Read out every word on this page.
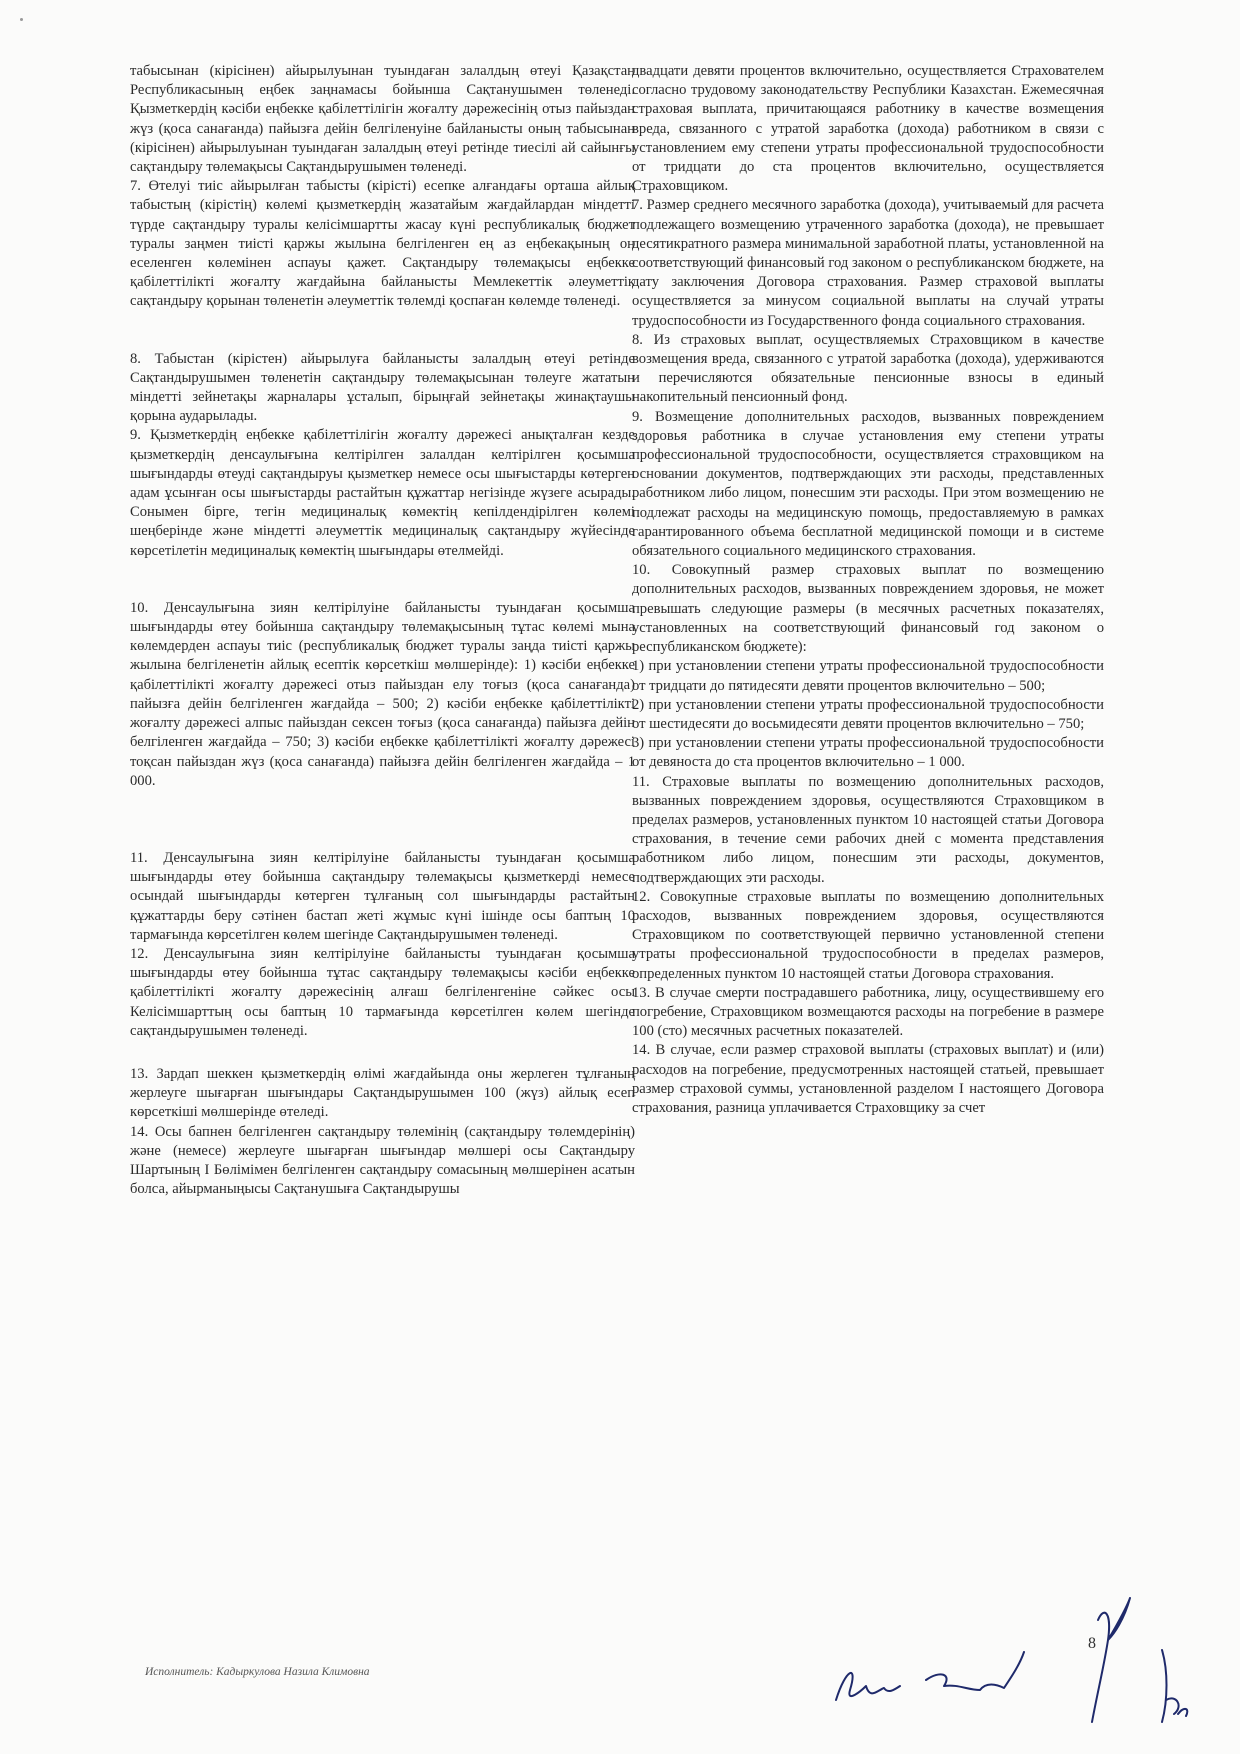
табысынан (кірісінен) айырылуынан туындаған залалдың өтеуі Қазақстан Республикасының еңбек заңнамасы бойынша Сақтанушымен төленеді. Қызметкердің кәсіби еңбекке қабілеттілігін жоғалту дәрежесінің отыз пайыздан жүз (қоса санағанда) пайызға дейін белгіленуіне байланысты оның табысынан (кірісінен) айырылуынан туындаған залалдың өтеуі ретінде тиесілі ай сайынғы сақтандыру төлемақысы Сақтандырушымен төленеді.

7. Өтелуі тиіс айырылған табысты (кірісті) есепке алғандағы орташа айлық табыстың (кірістің) көлемі қызметкердің жазатайым жағдайлардан міндетті түрде сақтандыру туралы келісімшартты жасау күні республикалық бюджет туралы заңмен тиісті қаржы жылына белгіленген ең аз еңбекақының он еселенген көлемінен аспауы қажет. Сақтандыру төлемақысы еңбекке қабілеттілікті жоғалту жағдайына байланысты Мемлекеттік әлеуметтік сақтандыру қорынан төленетін әлеуметтік төлемді қоспаған көлемде төленеді.

8. Табыстан (кірістен) айырылуға байланысты залалдың өтеуі ретінде Сақтандырушымен төленетін сақтандыру төлемақысынан төлеуге жататын міндетті зейнетақы жарналары ұсталып, бірыңғай зейнетақы жинақтаушы қорына аударылады.

9. Қызметкердің еңбекке қабілеттілігін жоғалту дәрежесі анықталған кезде қызметкердің денсаулығына келтірілген залалдан келтірілген қосымша шығындарды өтеуді сақтандыруы қызметкер немесе осы шығыстарды көтерген адам ұсынған осы шығыстарды растайтын құжаттар негізінде жүзеге асырады. Сонымен бірге, тегін медициналық көмектің кепілдендірілген көлемі шеңберінде және міндетті әлеуметтік медициналық сақтандыру жүйесінде көрсетілетін медициналық көмектің шығындары өтелмейді.

10. Денсаулығына зиян келтірілуіне байланысты туындаған қосымша шығындарды өтеу бойынша сақтандыру төлемақысының тұтас көлемі мына көлемдерден аспауы тиіс (республикалық бюджет туралы заңда тиісті қаржы жылына белгіленетін айлық есептік көрсеткіш мөлшерінде): 1) кәсіби еңбекке қабілеттілікті жоғалту дәрежесі отыз пайыздан елу тоғыз (қоса санағанда) пайызға дейін белгіленген жағдайда – 500; 2) кәсіби еңбекке қабілеттілікті жоғалту дәрежесі алпыс пайыздан сексен тоғыз (қоса санағанда) пайызға дейін белгіленген жағдайда – 750; 3) кәсіби еңбекке қабілеттілікті жоғалту дәрежесі тоқсан пайыздан жүз (қоса санағанда) пайызға дейін белгіленген жағдайда – 1 000.

11. Денсаулығына зиян келтірілуіне байланысты туындаған қосымша шығындарды өтеу бойынша сақтандыру төлемақысы қызметкерді немесе осындай шығындарды көтерген тұлғаның сол шығындарды растайтын құжаттарды беру сәтінен бастап жеті жұмыс күні ішінде осы баптың 10 тармағында көрсетілген көлем шегінде Сақтандырушымен төленеді.

12. Денсаулығына зиян келтірілуіне байланысты туындаған қосымша шығындарды өтеу бойынша тұтас сақтандыру төлемақысы кәсіби еңбекке қабілеттілікті жоғалту дәрежесінің алғаш белгіленгеніне сәйкес осы Келісімшарттың осы баптың 10 тармағында көрсетілген көлем шегінде сақтандырушымен төленеді.

13. Зардап шеккен қызметкердің өлімі жағдайында оны жерлеген тұлғаның жерлеуге шығарған шығындары Сақтандырушымен 100 (жүз) айлық есеп көрсеткіші мөлшерінде өтеледі.

14. Осы бапнен белгіленген сақтандыру төлемінің (сақтандыру төлемдерінің) және (немесе) жерлеуге шығарған шығындар мөлшері осы Сақтандыру Шартының I Бөлімімен белгіленген сақтандыру сомасының мөлшерінен асатын болса, айырманыңысы Сақтанушыға Сақтандырушы

двадцати девяти процентов включительно, осуществляется Страхователем согласно трудовому законодательству Республики Казахстан. Ежемесячная страховая выплата, причитающаяся работнику в качестве возмещения вреда, связанного с утратой заработка (дохода) работником в связи с установлением ему степени утраты профессиональной трудоспособности от тридцати до ста процентов включительно, осуществляется Страховщиком.

7. Размер среднего месячного заработка (дохода), учитываемый для расчета подлежащего возмещению утраченного заработка (дохода), не превышает десятикратного размера минимальной заработной платы, установленной на соответствующий финансовый год законом о республиканском бюджете, на дату заключения Договора страхования. Размер страховой выплаты осуществляется за минусом социальной выплаты на случай утраты трудоспособности из Государственного фонда социального страхования.

8. Из страховых выплат, осуществляемых Страховщиком в качестве возмещения вреда, связанного с утратой заработка (дохода), удерживаются и перечисляются обязательные пенсионные взносы в единый накопительный пенсионный фонд.

9. Возмещение дополнительных расходов, вызванных повреждением здоровья работника в случае установления ему степени утраты профессиональной трудоспособности, осуществляется страховщиком на основании документов, подтверждающих эти расходы, представленных работником либо лицом, понесшим эти расходы. При этом возмещению не подлежат расходы на медицинскую помощь, предоставляемую в рамках гарантированного объема бесплатной медицинской помощи и в системе обязательного социального медицинского страхования.

10. Совокупный размер страховых выплат по возмещению дополнительных расходов, вызванных повреждением здоровья, не может превышать следующие размеры (в месячных расчетных показателях, установленных на соответствующий финансовый год законом о республиканском бюджете):

1) при установлении степени утраты профессиональной трудоспособности от тридцати до пятидесяти девяти процентов включительно – 500;

2) при установлении степени утраты профессиональной трудоспособности от шестидесяти до восьмидесяти девяти процентов включительно – 750;

3) при установлении степени утраты профессиональной трудоспособности от девяноста до ста процентов включительно – 1 000.

11. Страховые выплаты по возмещению дополнительных расходов, вызванных повреждением здоровья, осуществляются Страховщиком в пределах размеров, установленных пунктом 10 настоящей статьи Договора страхования, в течение семи рабочих дней с момента представления работником либо лицом, понесшим эти расходы, документов, подтверждающих эти расходы.

12. Совокупные страховые выплаты по возмещению дополнительных расходов, вызванных повреждением здоровья, осуществляются Страховщиком по соответствующей первично установленной степени утраты профессиональной трудоспособности в пределах размеров, определенных пунктом 10 настоящей статьи Договора страхования.

13. В случае смерти пострадавшего работника, лицу, осуществившему его погребение, Страховщиком возмещаются расходы на погребение в размере 100 (сто) месячных расчетных показателей.

14. В случае, если размер страховой выплаты (страховых выплат) и (или) расходов на погребение, предусмотренных настоящей статьей, превышает размер страховой суммы, установленной разделом I настоящего Договора страхования, разница уплачивается Страховщику за счет

Исполнитель: Кадыркулова Назила Климовна
8
